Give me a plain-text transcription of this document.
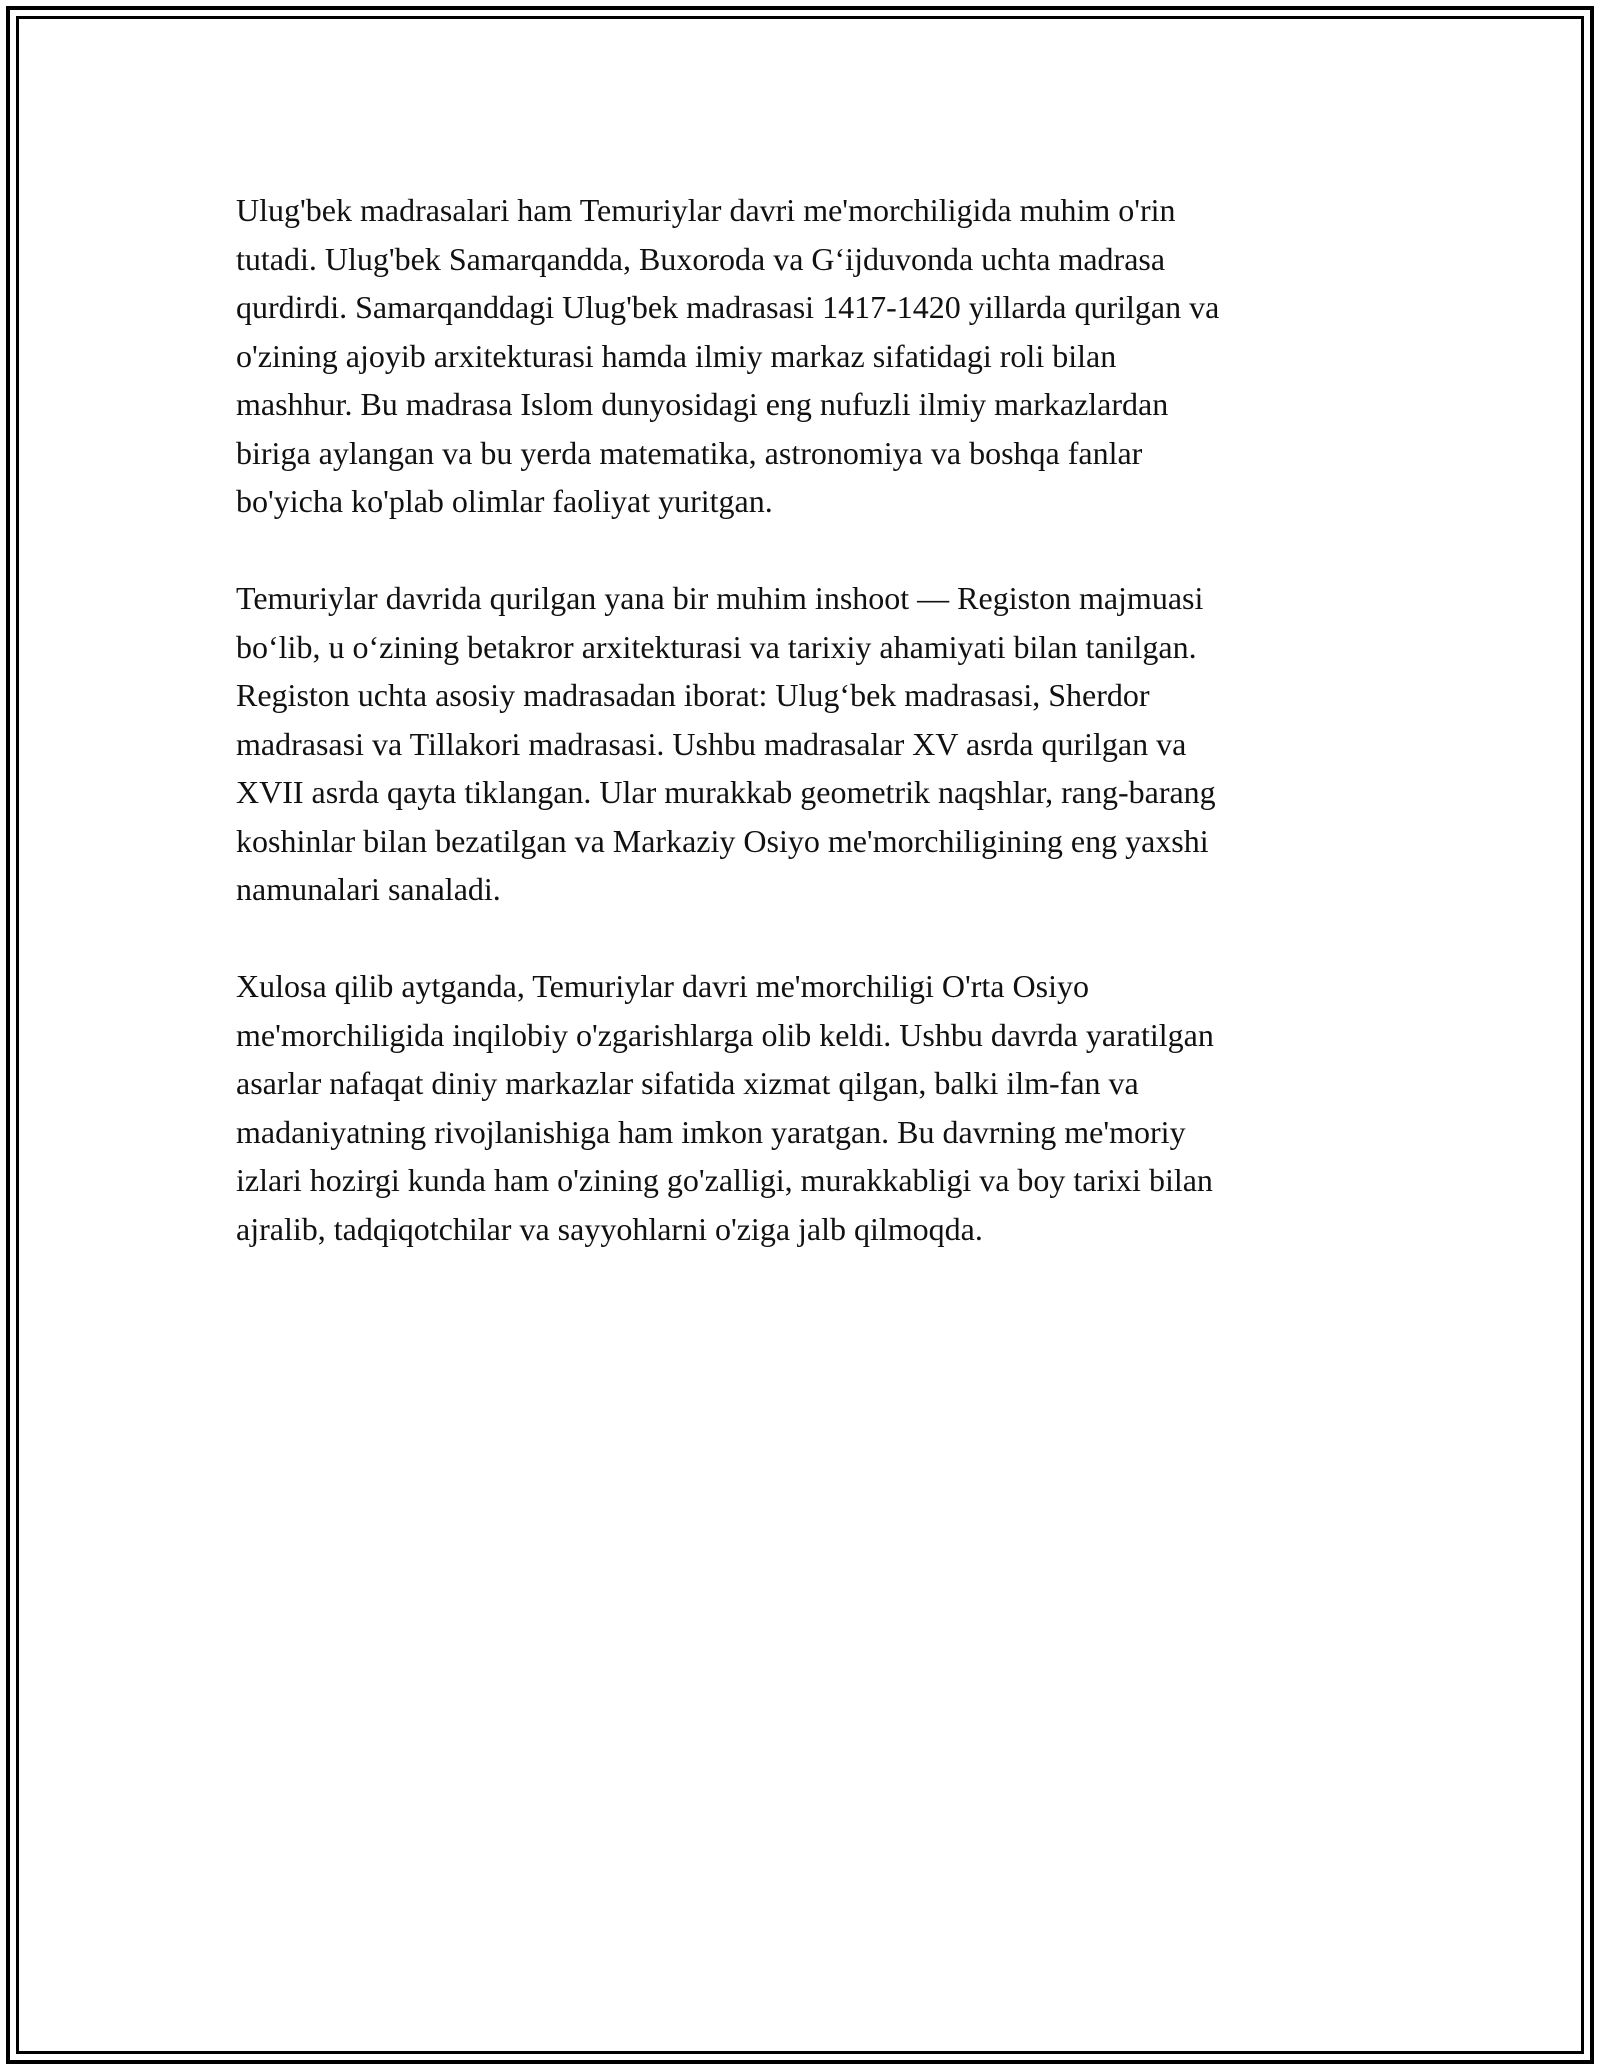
Ulug'bek madrasalari ham Temuriylar davri me'morchiligida muhim o'rin
tutadi. Ulug'bek Samarqandda, Buxoroda va G‘ijduvonda uchta madrasa
qurdirdi. Samarqanddagi Ulug'bek madrasasi 1417-1420 yillarda qurilgan va
o'zining ajoyib arxitekturasi hamda ilmiy markaz sifatidagi roli bilan
mashhur. Bu madrasa Islom dunyosidagi eng nufuzli ilmiy markazlardan
biriga aylangan va bu yerda matematika, astronomiya va boshqa fanlar
bo'yicha ko'plab olimlar faoliyat yuritgan.

Temuriylar davrida qurilgan yana bir muhim inshoot — Registon majmuasi
bo‘lib, u o‘zining betakror arxitekturasi va tarixiy ahamiyati bilan tanilgan.
Registon uchta asosiy madrasadan iborat: Ulug‘bek madrasasi, Sherdor
madrasasi va Tillakori madrasasi. Ushbu madrasalar XV asrda qurilgan va
XVII asrda qayta tiklangan. Ular murakkab geometrik naqshlar, rang-barang
koshinlar bilan bezatilgan va Markaziy Osiyo me'morchiligining eng yaxshi
namunalari sanaladi.

Xulosa qilib aytganda, Temuriylar davri me'morchiligi O'rta Osiyo
me'morchiligida inqilobiy o'zgarishlarga olib keldi. Ushbu davrda yaratilgan
asarlar nafaqat diniy markazlar sifatida xizmat qilgan, balki ilm-fan va
madaniyatning rivojlanishiga ham imkon yaratgan. Bu davrning me'moriy
izlari hozirgi kunda ham o'zining go'zalligi, murakkabligi va boy tarixi bilan
ajralib, tadqiqotchilar va sayyohlarni o'ziga jalb qilmoqda.
